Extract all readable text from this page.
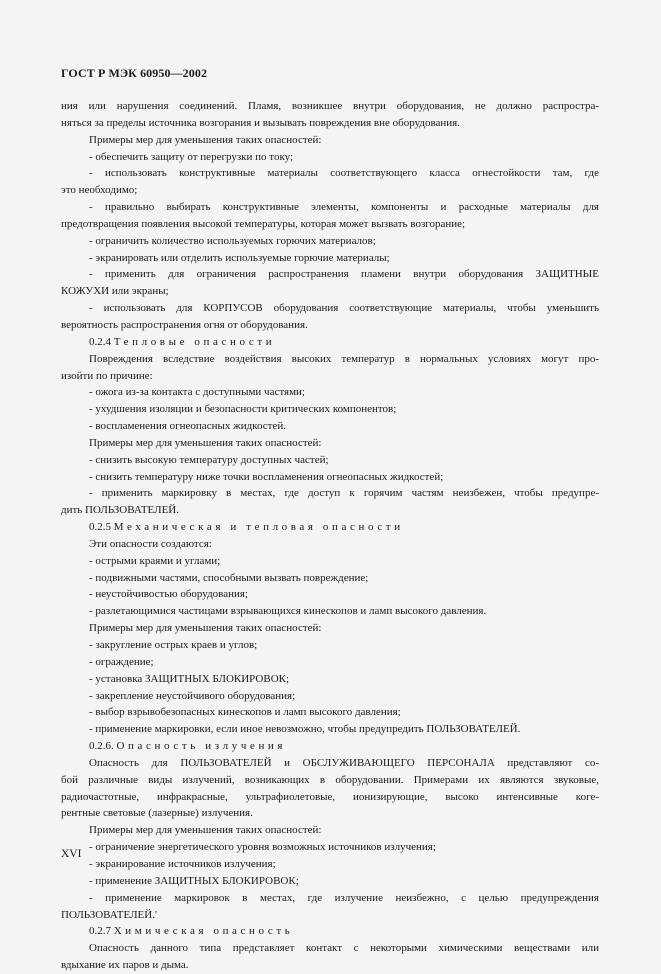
ГОСТ Р МЭК 60950—2002

ния или нарушения соединений. Пламя, возникшее внутри оборудования, не должно распростра-

няться за пределы источника возгорания и вызывать повреждения вне оборудования.

Примеры мер для уменьшения таких опасностей:

- обеспечить защиту от перегрузки по току;

- использовать конструктивные материалы соответствующего класса огнестойкости там, где

это необходимо;

- правильно выбирать конструктивные элементы, компоненты и расходные материалы для

предотвращения появления высокой температуры, которая может вызвать возгорание;

- ограничить количество используемых горючих материалов;

- экранировать или отделить используемые горючие материалы;

- применить для ограничения распространения пламени внутри оборудования ЗАЩИТНЫЕ

КОЖУХИ или экраны;

- использовать для КОРПУСОВ оборудования соответствующие материалы, чтобы уменьшить

вероятность распространения огня от оборудования.

0.2.4 Тепловые опасности

Повреждения вследствие воздействия высоких температур в нормальных условиях могут про-

изойти по причине:

- ожога из-за контакта с доступными частями;

- ухудшения изоляции и безопасности критических компонентов;

- воспламенения огнеопасных жидкостей.

Примеры мер для уменьшения таких опасностей:

- снизить высокую температуру доступных частей;

- снизить температуру ниже точки воспламенения огнеопасных жидкостей;

- применить маркировку в местах, где доступ к горячим частям неизбежен, чтобы предупре-

дить ПОЛЬЗОВАТЕЛЕЙ.

0.2.5 Механическая и тепловая опасности

Эти опасности создаются:

- острыми краями и углами;

- подвижными частями, способными вызвать повреждение;

- неустойчивостью оборудования;

- разлетающимися частицами взрывающихся кинескопов и ламп высокого давления.

Примеры мер для уменьшения таких опасностей:

- закругление острых краев и углов;

- ограждение;

- установка ЗАЩИТНЫХ БЛОКИРОВОК;

- закрепление неустойчивого оборудования;

- выбор взрывобезопасных кинескопов и ламп высокого давления;

- применение маркировки, если иное невозможно, чтобы предупредить ПОЛЬЗОВАТЕЛЕЙ.

0.2.6. Опасность излучения

Опасность для ПОЛЬЗОВАТЕЛЕЙ и ОБСЛУЖИВАЮЩЕГО ПЕРСОНАЛА представляют со-

бой различные виды излучений, возникающих в оборудовании. Примерами их являются звуковые,

радиочастотные, инфракрасные, ультрафиолетовые, ионизирующие, высоко интенсивные коге-

рентные световые (лазерные) излучения.

Примеры мер для уменьшения таких опасностей:

- ограничение энергетического уровня возможных источников излучения;

- экранирование источников излучения;

- применение ЗАЩИТНЫХ БЛОКИРОВОК;

- применение маркировок в местах, где излучение неизбежно, с целью предупреждения

ПОЛЬЗОВАТЕЛЕЙ.'

0.2.7 Химическая опасность

Опасность данного типа представляет контакт с некоторыми химическими веществами или

вдыхание их паров и дыма.

XVI
